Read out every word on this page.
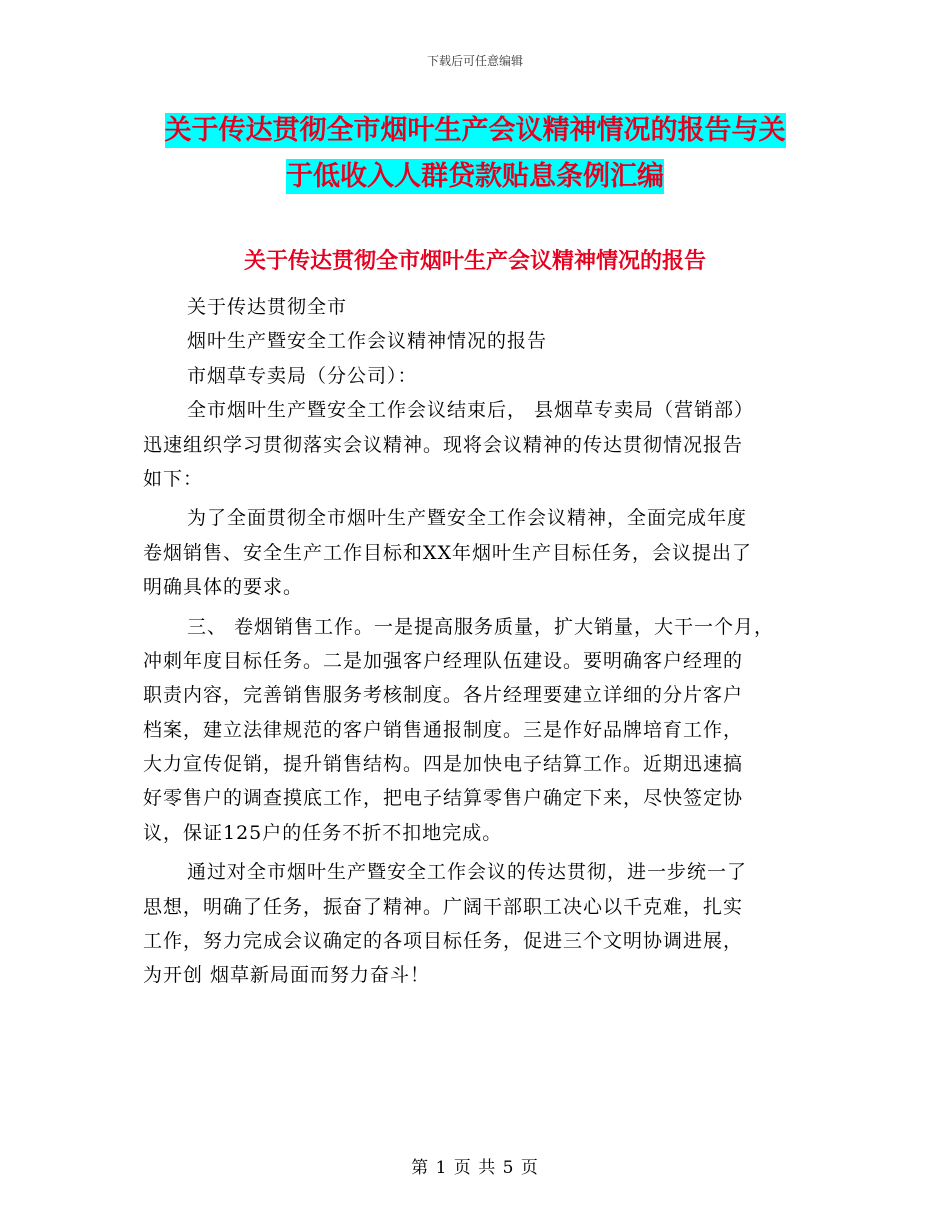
下载后可任意编辑
关于传达贯彻全市烟叶生产会议精神情况的报告与关
于低收入人群贷款贴息条例汇编
关于传达贯彻全市烟叶生产会议精神情况的报告
关于传达贯彻全市
烟叶生产暨安全工作会议精神情况的报告
市烟草专卖局（分公司）：
全市烟叶生产暨安全工作会议结束后， 县烟草专卖局（营销部）
迅速组织学习贯彻落实会议精神。现将会议精神的传达贯彻情况报告
如下：
为了全面贯彻全市烟叶生产暨安全工作会议精神，全面完成年度
卷烟销售、安全生产工作目标和XX年烟叶生产目标任务，会议提出了
明确具体的要求。
三、 卷烟销售工作。一是提高服务质量，扩大销量，大干一个月，
冲刺年度目标任务。二是加强客户经理队伍建设。要明确客户经理的
职责内容，完善销售服务考核制度。各片经理要建立详细的分片客户
档案，建立法律规范的客户销售通报制度。三是作好品牌培育工作，
大力宣传促销，提升销售结构。四是加快电子结算工作。近期迅速搞
好零售户的调查摸底工作，把电子结算零售户确定下来，尽快签定协
议，保证125户的任务不折不扣地完成。
通过对全市烟叶生产暨安全工作会议的传达贯彻，进一步统一了
思想，明确了任务，振奋了精神。广阔干部职工决心以千克难，扎实
工作，努力完成会议确定的各项目标任务，促进三个文明协调进展，
为开创 烟草新局面而努力奋斗！
第 1 页 共 5 页
